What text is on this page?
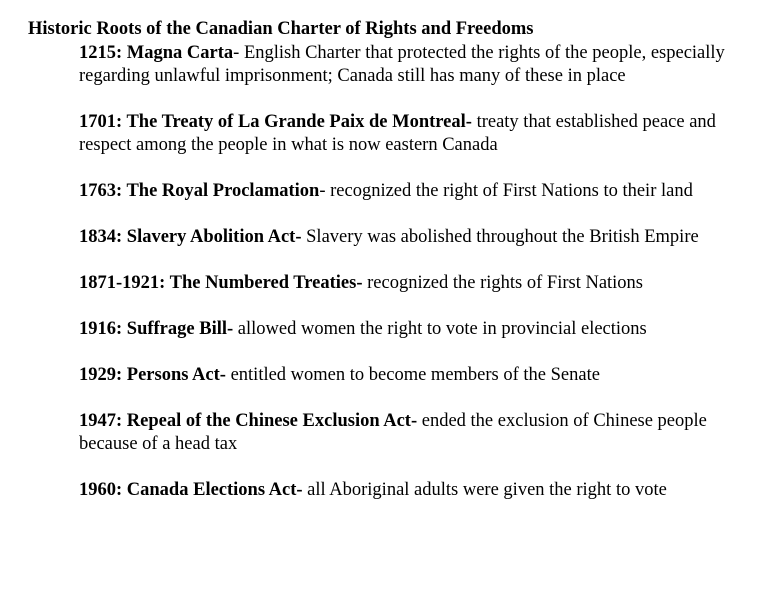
Historic Roots of the Canadian Charter of Rights and Freedoms

1215: Magna Carta- English Charter that protected the rights of the people, especially regarding unlawful imprisonment; Canada still has many of these in place

1701: The Treaty of La Grande Paix de Montreal- treaty that established peace and respect among the people in what is now eastern Canada

1763: The Royal Proclamation- recognized the right of First Nations to their land

1834: Slavery Abolition Act- Slavery was abolished throughout the British Empire

1871-1921: The Numbered Treaties- recognized the rights of First Nations

1916: Suffrage Bill- allowed women the right to vote in provincial elections

1929: Persons Act- entitled women to become members of the Senate

1947: Repeal of the Chinese Exclusion Act- ended the exclusion of Chinese people because of a head tax

1960: Canada Elections Act- all Aboriginal adults were given the right to vote
